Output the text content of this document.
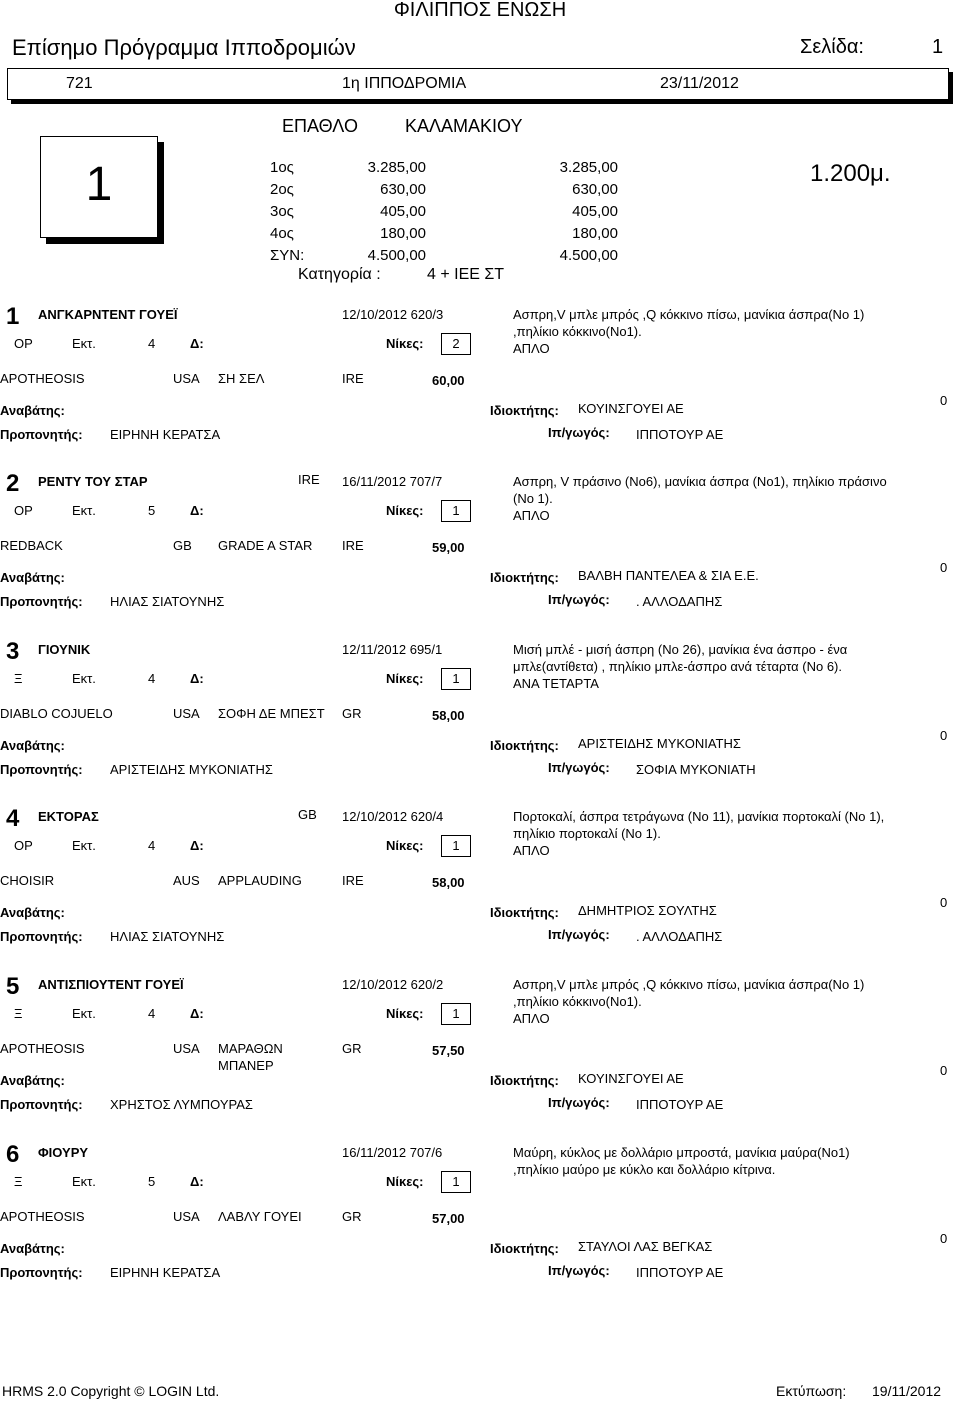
ΦΙΛΙΠΠΟΣ ΕΝΩΣΗ
Επίσημο Πρόγραμμα Ιπποδρομιών	Σελίδα:	1
721	1η ΙΠΠΟΔΡΟΜΙΑ	23/11/2012
ΕΠΑΘΛΟ	ΚΑΛΑΜΑΚΙΟΥ
1	1.200μ.
1ος	3.285,00	3.285,00
2ος	630,00	630,00
3ος	405,00	405,00
4ος	180,00	180,00
ΣΥΝ:	4.500,00	4.500,00
Κατηγορία :	4 + ΙΕΕ ΣΤ
1 ΑΝΓΚΑΡΝΤΕΝΤ ΓΟΥΕΪ	12/10/2012 620/3	Ασπρη,V μπλε μπρός ,Q κόκκινο πίσω, μανίκια άσπρα(Νο 1)
,πηλίκιο κόκκινο(Νο1).
ΑΠΛΟ
ΟΡ	Εκτ.	4	Δ:	Νίκες:	2
APOTHEOSIS	USA ΣΗ ΣΕΛ	IRE	60,00
Αναβάτης:	Ιδιοκτήτης: ΚΟΥΙΝΣΓΟΥΕΙ ΑΕ
Προπονητής: ΕΙΡΗΝΗ ΚΕΡΑΤΣΑ	Ιπ/γωγός: ΙΠΠΟΤΟΥΡ ΑΕ
0
2 ΡΕΝΤΥ ΤΟΥ ΣΤΑΡ	IRE 16/11/2012 707/7	Ασπρη, V πράσινο (Νο6), μανίκια άσπρα (Νο1), πηλίκιο πράσινο
(Νο 1).
ΑΠΛΟ
ΟΡ	Εκτ.	5	Δ:	Νίκες:	1
REDBACK	GB GRADE A STAR IRE	59,00
Αναβάτης:	Ιδιοκτήτης: ΒΑΛΒΗ ΠΑΝΤΕΛΕΑ & ΣΙΑ Ε.Ε.
Προπονητής: ΗΛΙΑΣ ΣΙΑΤΟΥΝΗΣ	Ιπ/γωγός: . ΑΛΛΟΔΑΠΗΣ
0
3 ΓΙΟΥΝΙΚ	12/11/2012 695/1	Μισή μπλέ - μισή άσπρη (Νο 26), μανίκια ένα άσπρο - ένα
μπλε(αντίθετα) , πηλίκιο μπλε-άσπρο ανά τέταρτα (Νο 6).
ΑΝΑ ΤΕΤΑΡΤΑ
Ξ	Εκτ.	4	Δ:	Νίκες:	1
DIABLO COJUELO	USA ΣΟΦΗ ΔΕ ΜΠΕΣΤ GR	58,00
Αναβάτης:	Ιδιοκτήτης: ΑΡΙΣΤΕΙΔΗΣ ΜΥΚΟΝΙΑΤΗΣ
Προπονητής: ΑΡΙΣΤΕΙΔΗΣ ΜΥΚΟΝΙΑΤΗΣ	Ιπ/γωγός: ΣΟΦΙΑ ΜΥΚΟΝΙΑΤΗ
0
4 ΕΚΤΟΡΑΣ	GB 12/10/2012 620/4	Πορτοκαλί, άσπρα τετράγωνα (Νο 11), μανίκια πορτοκαλί (Νο 1),
πηλίκιο πορτοκαλί (Νο 1).
ΑΠΛΟ
ΟΡ	Εκτ.	4	Δ:	Νίκες:	1
CHOISIR	AUS APPLAUDING	IRE	58,00
Αναβάτης:	Ιδιοκτήτης: ΔΗΜΗΤΡΙΟΣ ΣΟΥΛΤΗΣ
Προπονητής: ΗΛΙΑΣ ΣΙΑΤΟΥΝΗΣ	Ιπ/γωγός: . ΑΛΛΟΔΑΠΗΣ
0
5 ΑΝΤΙΣΠΙΟΥΤΕΝΤ ΓΟΥΕΪ	12/10/2012 620/2	Ασπρη,V μπλε μπρός ,Q κόκκινο πίσω, μανίκια άσπρα(Νο 1)
,πηλίκιο κόκκινο(Νο1).
ΑΠΛΟ
Ξ	Εκτ.	4	Δ:	Νίκες:	1
APOTHEOSIS	USA ΜΑΡΑΘΩΝ
ΜΠΑΝΕΡ
GR	57,50
Αναβάτης:	Ιδιοκτήτης: ΚΟΥΙΝΣΓΟΥΕΙ ΑΕ
Προπονητής: ΧΡΗΣΤΟΣ ΛΥΜΠΟΥΡΑΣ	Ιπ/γωγός: ΙΠΠΟΤΟΥΡ ΑΕ
0
6 ΦΙΟΥΡΥ	16/11/2012 707/6	Μαύρη, κύκλος με δολλάριο μπροστά, μανίκια μαύρα(Νο1)
,πηλίκιο μαύρο με κύκλο και δολλάριο κίτρινα.
Ξ	Εκτ.	5	Δ:	Νίκες:	1
APOTHEOSIS	USA ΛΑΒΛΥ ΓΟΥΕΙ	GR	57,00
Αναβάτης:	Ιδιοκτήτης: ΣΤΑΥΛΟΙ ΛΑΣ ΒΕΓΚΑΣ
Προπονητής: ΕΙΡΗΝΗ ΚΕΡΑΤΣΑ	Ιπ/γωγός: ΙΠΠΟΤΟΥΡ ΑΕ
0
HRMS 2.0 Copyright © LOGIN Ltd.	Εκτύπωση: 19/11/2012
